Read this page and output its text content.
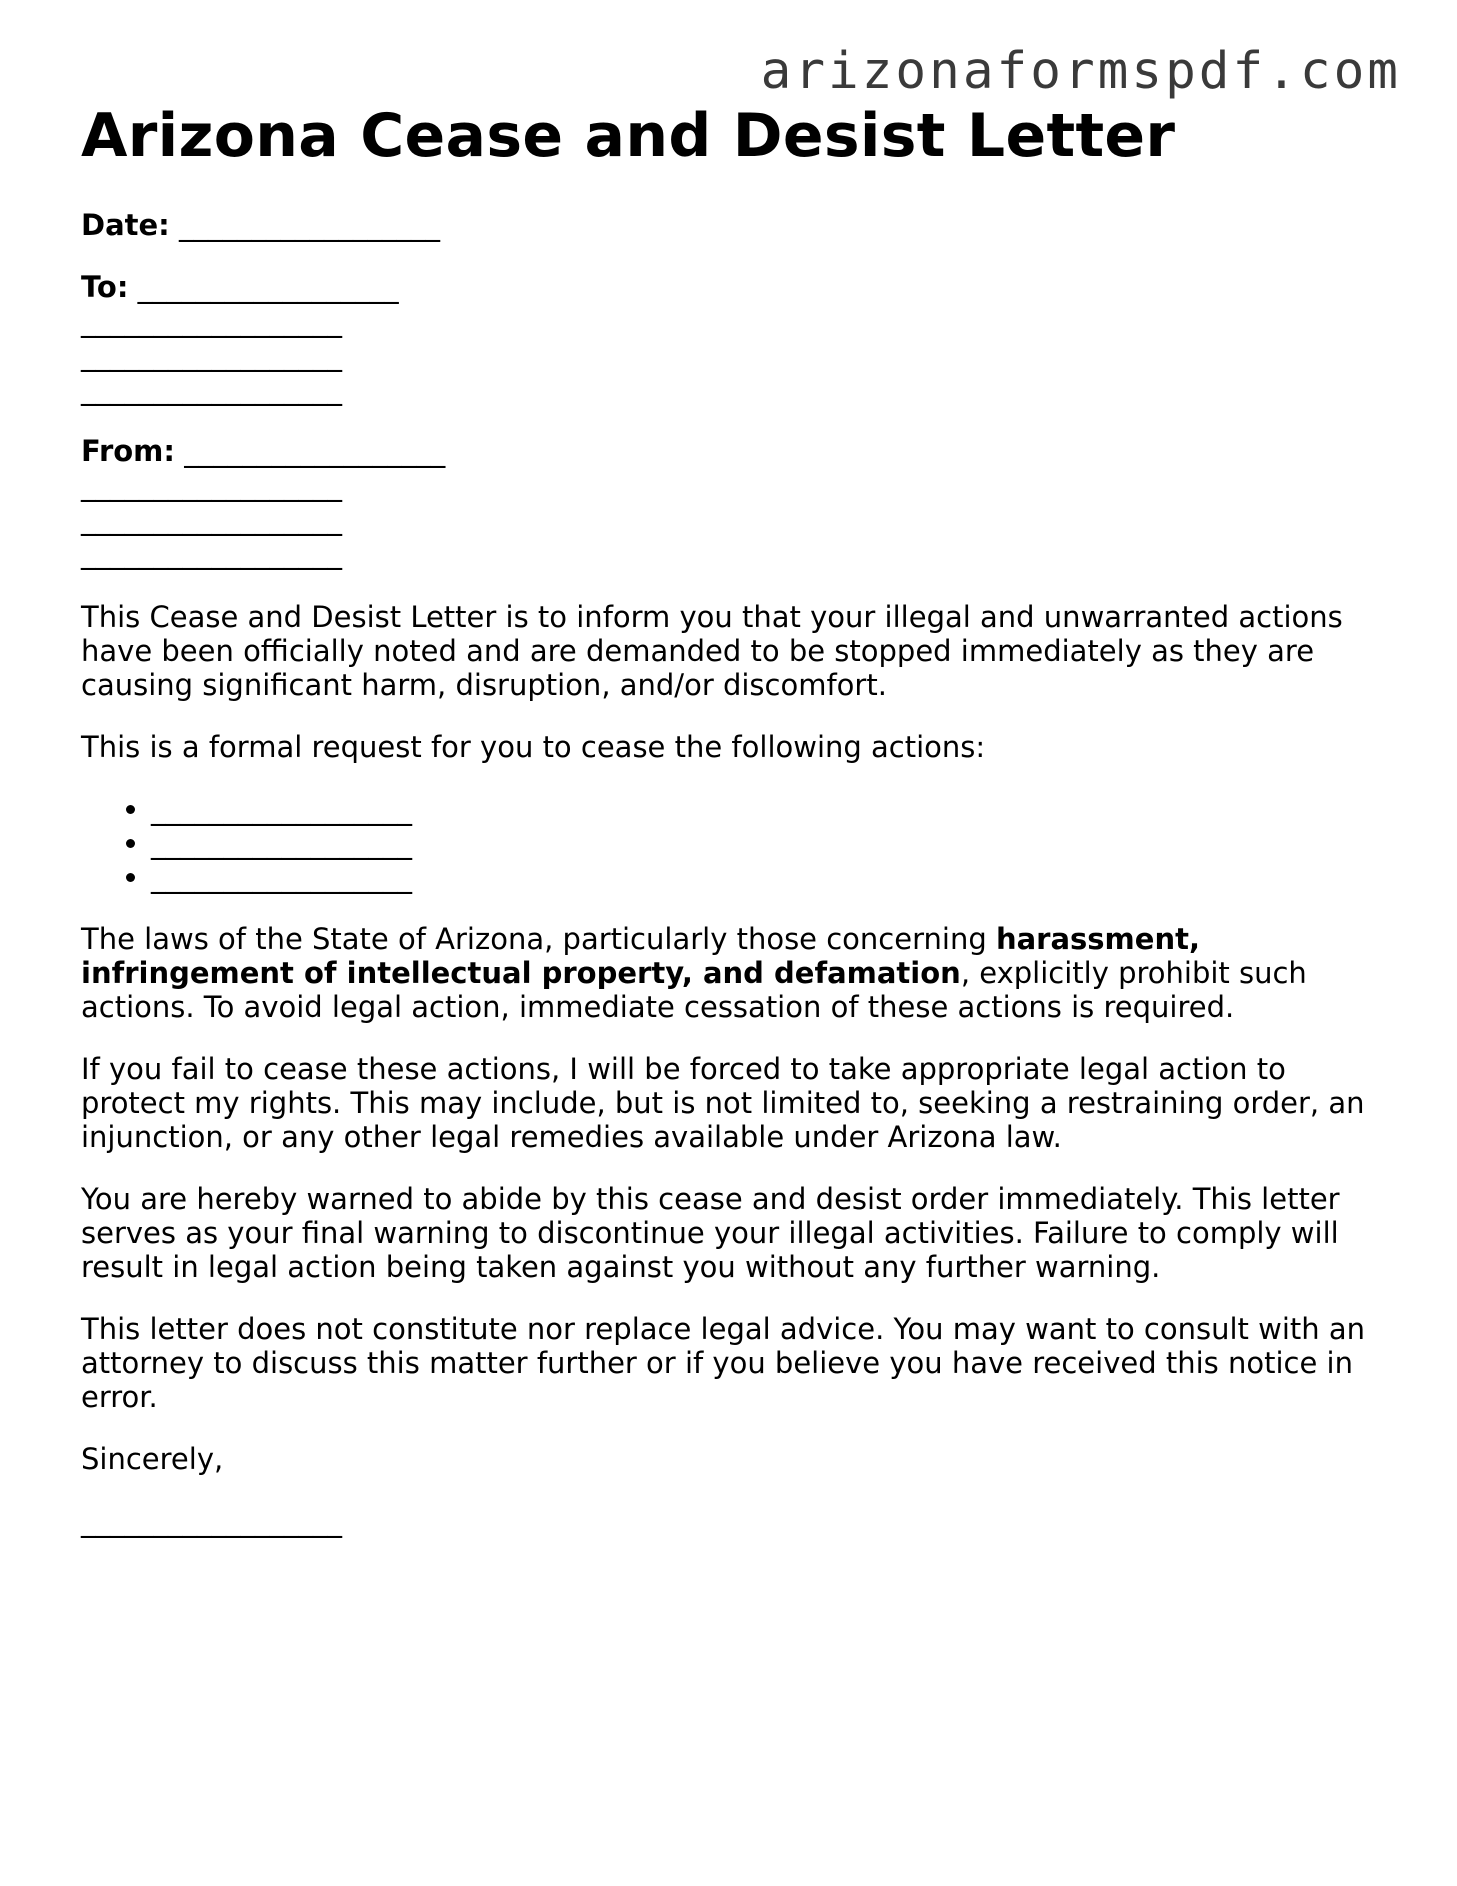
arizonaformspdf.com
Arizona Cease and Desist Letter
Date: __________________
To: __________________
__________________
__________________
__________________
From: __________________
__________________
__________________
__________________

This Cease and Desist Letter is to inform you that your illegal and unwarranted actions have been officially noted and are demanded to be stopped immediately as they are causing significant harm, disruption, and/or discomfort.

This is a formal request for you to cease the following actions:

• __________________
• __________________
• __________________

The laws of the State of Arizona, particularly those concerning harassment, infringement of intellectual property, and defamation, explicitly prohibit such actions. To avoid legal action, immediate cessation of these actions is required.

If you fail to cease these actions, I will be forced to take appropriate legal action to protect my rights. This may include, but is not limited to, seeking a restraining order, an injunction, or any other legal remedies available under Arizona law.

You are hereby warned to abide by this cease and desist order immediately. This letter serves as your final warning to discontinue your illegal activities. Failure to comply will result in legal action being taken against you without any further warning.

This letter does not constitute nor replace legal advice. You may want to consult with an attorney to discuss this matter further or if you believe you have received this notice in error.

Sincerely,

__________________
